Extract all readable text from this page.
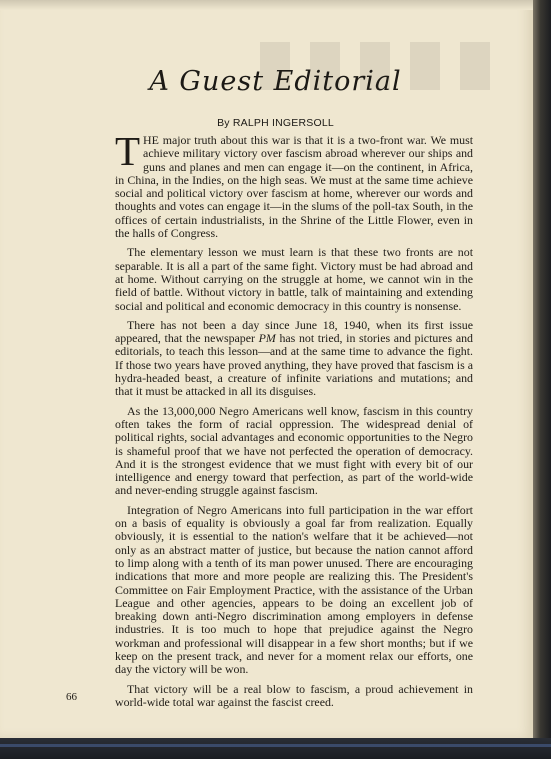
A Guest Editorial
By RALPH INGERSOLL

THE major truth about this war is that it is a two-front war. We must achieve military victory over fascism abroad wherever our ships and guns and planes and men can engage it—on the continent, in Africa, in China, in the Indies, on the high seas. We must at the same time achieve social and political victory over fascism at home, wherever our words and thoughts and votes can engage it—in the slums of the poll-tax South, in the offices of certain industrialists, in the Shrine of the Little Flower, even in the halls of Congress.

The elementary lesson we must learn is that these two fronts are not separable. It is all a part of the same fight. Victory must be had abroad and at home. Without carrying on the struggle at home, we cannot win in the field of battle. Without victory in battle, talk of maintaining and extending social and political and economic democracy in this country is nonsense.

There has not been a day since June 18, 1940, when its first issue appeared, that the newspaper PM has not tried, in stories and pictures and editorials, to teach this lesson—and at the same time to advance the fight. If those two years have proved anything, they have proved that fascism is a hydra-headed beast, a creature of infinite variations and mutations; and that it must be attacked in all its disguises.

As the 13,000,000 Negro Americans well know, fascism in this country often takes the form of racial oppression. The widespread denial of political rights, social advantages and economic opportunities to the Negro is shameful proof that we have not perfected the operation of democracy. And it is the strongest evidence that we must fight with every bit of our intelligence and energy toward that perfection, as part of the world-wide and never-ending struggle against fascism.

Integration of Negro Americans into full participation in the war effort on a basis of equality is obviously a goal far from realization. Equally obviously, it is essential to the nation's welfare that it be achieved—not only as an abstract matter of justice, but because the nation cannot afford to limp along with a tenth of its man power unused. There are encouraging indications that more and more people are realizing this. The President's Committee on Fair Employment Practice, with the assistance of the Urban League and other agencies, appears to be doing an excellent job of breaking down anti-Negro discrimination among employers in defense industries. It is too much to hope that prejudice against the Negro workman and professional will disappear in a few short months; but if we keep on the present track, and never for a moment relax our efforts, one day the victory will be won.

That victory will be a real blow to fascism, a proud achievement in world-wide total war against the fascist creed.

66
